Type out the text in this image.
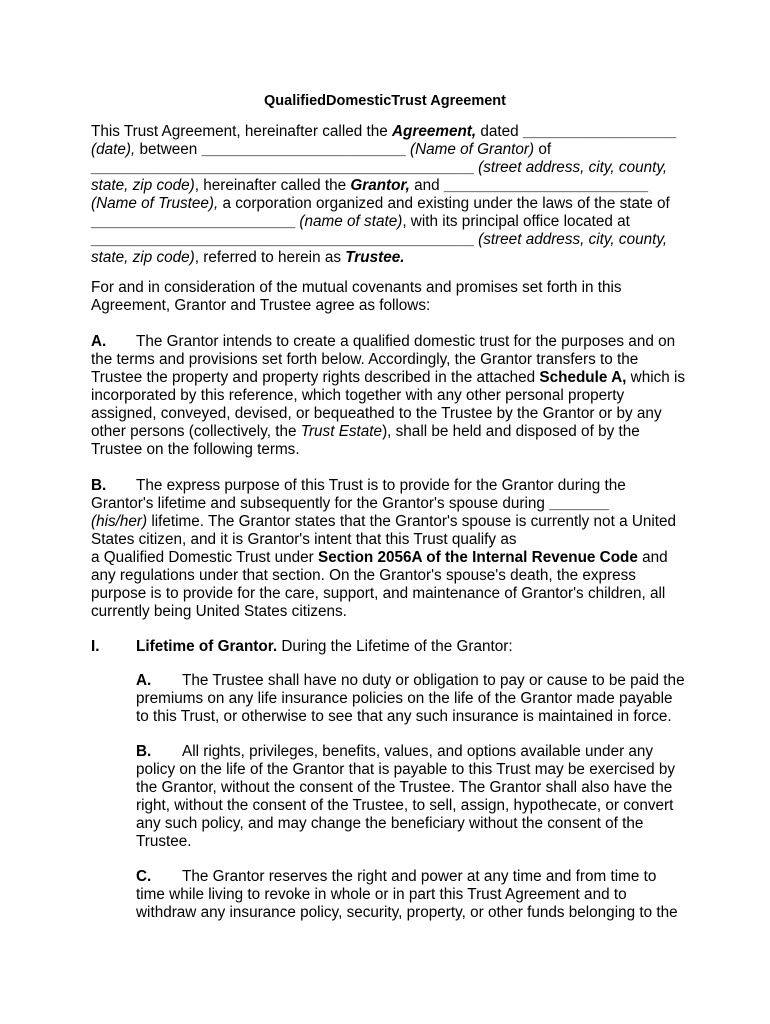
QualifiedDomesticTrust Agreement
This Trust Agreement, hereinafter called the Agreement, dated __________________
(date), between ________________________ (Name of Grantor) of
_____________________________________________ (street address, city, county,
state, zip code), hereinafter called the Grantor, and ________________________
(Name of Trustee), a corporation organized and existing under the laws of the state of
________________________ (name of state), with its principal office located at
_____________________________________________ (street address, city, county,
state, zip code), referred to herein as Trustee.
For and in consideration of the mutual covenants and promises set forth in this
Agreement, Grantor and Trustee agree as follows:
A. The Grantor intends to create a qualified domestic trust for the purposes and on
the terms and provisions set forth below. Accordingly, the Grantor transfers to the
Trustee the property and property rights described in the attached Schedule A, which is
incorporated by this reference, which together with any other personal property
assigned, conveyed, devised, or bequeathed to the Trustee by the Grantor or by any
other persons (collectively, the Trust Estate), shall be held and disposed of by the
Trustee on the following terms.
B. The express purpose of this Trust is to provide for the Grantor during the
Grantor's lifetime and subsequently for the Grantor's spouse during _______
(his/her) lifetime. The Grantor states that the Grantor's spouse is currently not a United
States citizen, and it is Grantor's intent that this Trust qualify as
a Qualified Domestic Trust under Section 2056A of the Internal Revenue Code and
any regulations under that section. On the Grantor's spouse's death, the express
purpose is to provide for the care, support, and maintenance of Grantor's children, all
currently being United States citizens.
I. Lifetime of Grantor. During the Lifetime of the Grantor:
A. The Trustee shall have no duty or obligation to pay or cause to be paid the
premiums on any life insurance policies on the life of the Grantor made payable
to this Trust, or otherwise to see that any such insurance is maintained in force.
B. All rights, privileges, benefits, values, and options available under any
policy on the life of the Grantor that is payable to this Trust may be exercised by
the Grantor, without the consent of the Trustee. The Grantor shall also have the
right, without the consent of the Trustee, to sell, assign, hypothecate, or convert
any such policy, and may change the beneficiary without the consent of the
Trustee.
C. The Grantor reserves the right and power at any time and from time to
time while living to revoke in whole or in part this Trust Agreement and to
withdraw any insurance policy, security, property, or other funds belonging to the
